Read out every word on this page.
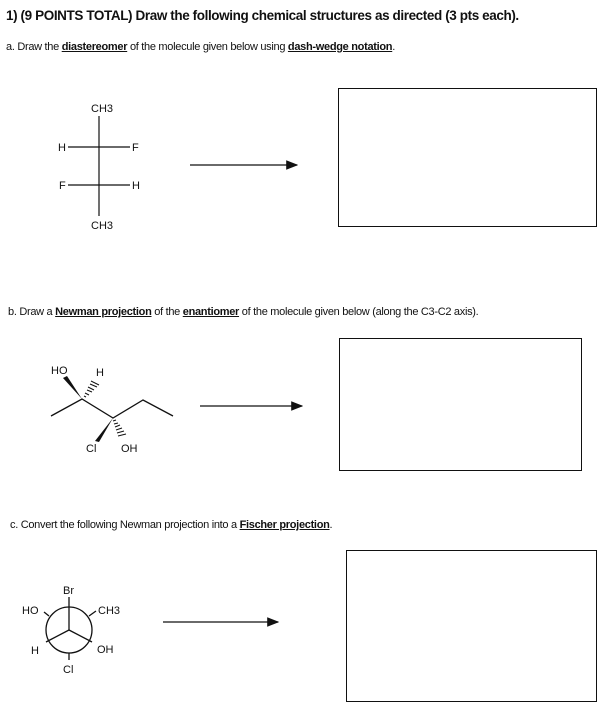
1) (9 POINTS TOTAL) Draw the following chemical structures as directed (3 pts each).
a. Draw the diastereomer of the molecule given below using dash-wedge notation.
b. Draw a Newman projection of the enantiomer of the molecule given below (along the C3-C2 axis).
c. Convert the following Newman projection into a Fischer projection.
CH3
CH3
H	F
F	H
HO	H
Cl OH
Br
HO	CH3
H	OH
Cl
